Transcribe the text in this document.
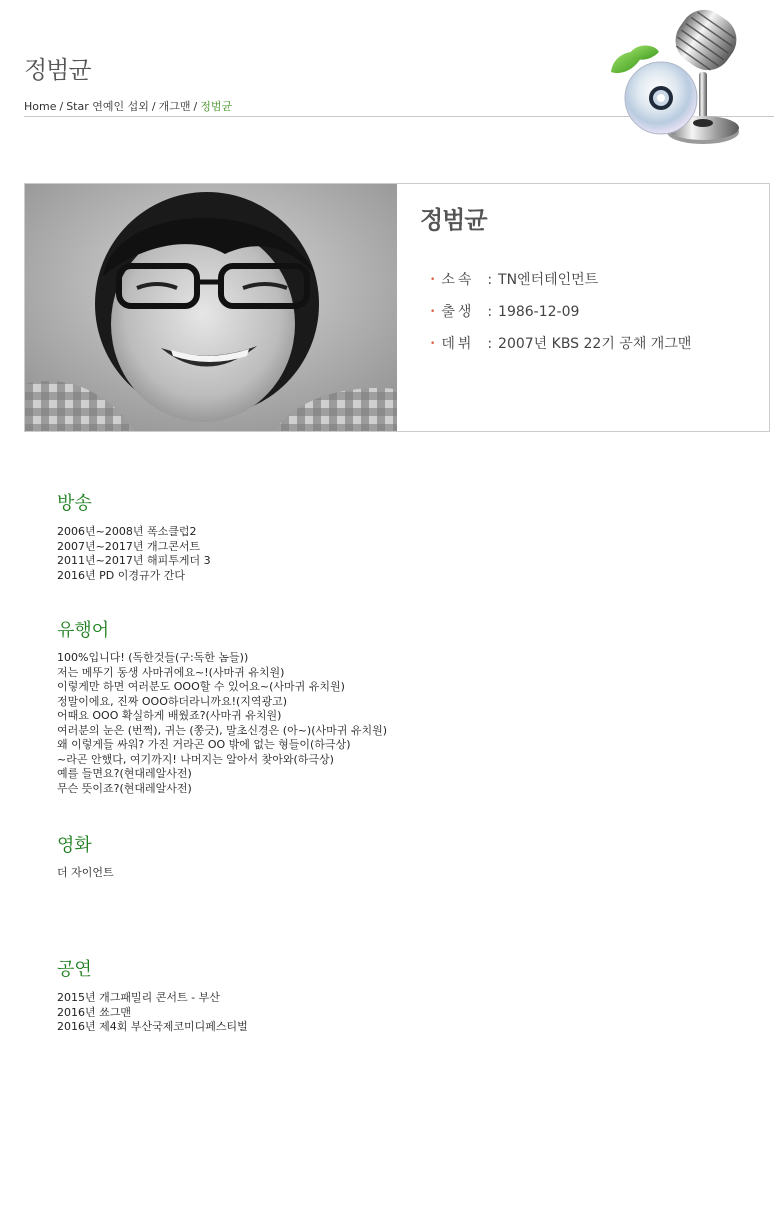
정범균
Home / Star 연예인 섭외 / 개그맨 / 정범균
정범균
• 소속 : TN엔터테인먼트
• 출생 : 1986-12-09
• 데뷔 : 2007년 KBS 22기 공채 개그맨
방송
2006년~2008년 폭소클럽2
2007년~2017년 개그콘서트
2011년~2017년 해피투게더 3
2016년 PD 이경규가 간다
유행어
100%입니다! (독한것들(구:독한 놈들))
저는 메뚜기 동생 사마귀에요~!(사마귀 유치원)
이렇게만 하면 여러분도 OOO할 수 있어요~(사마귀 유치원)
정말이에요, 진짜 OOO하더라니까요!(지역광고)
어때요 OOO 확실하게 배웠죠?(사마귀 유치원)
여러분의 눈은 (번쩍), 귀는 (쫑긋), 말초신경은 (아~)(사마귀 유치원)
왜 이렇게들 싸워? 가진 거라곤 OO 밖에 없는 형들이(하극상)
~라곤 안했다, 여기까지! 나머지는 알아서 찾아와(하극상)
예를 들면요?(현대레알사전)
무슨 뜻이죠?(현대레알사전)
영화
더 자이언트
공연
2015년 개그패밀리 콘서트 - 부산
2016년 쑈그맨
2016년 제4회 부산국제코미디페스티벌
